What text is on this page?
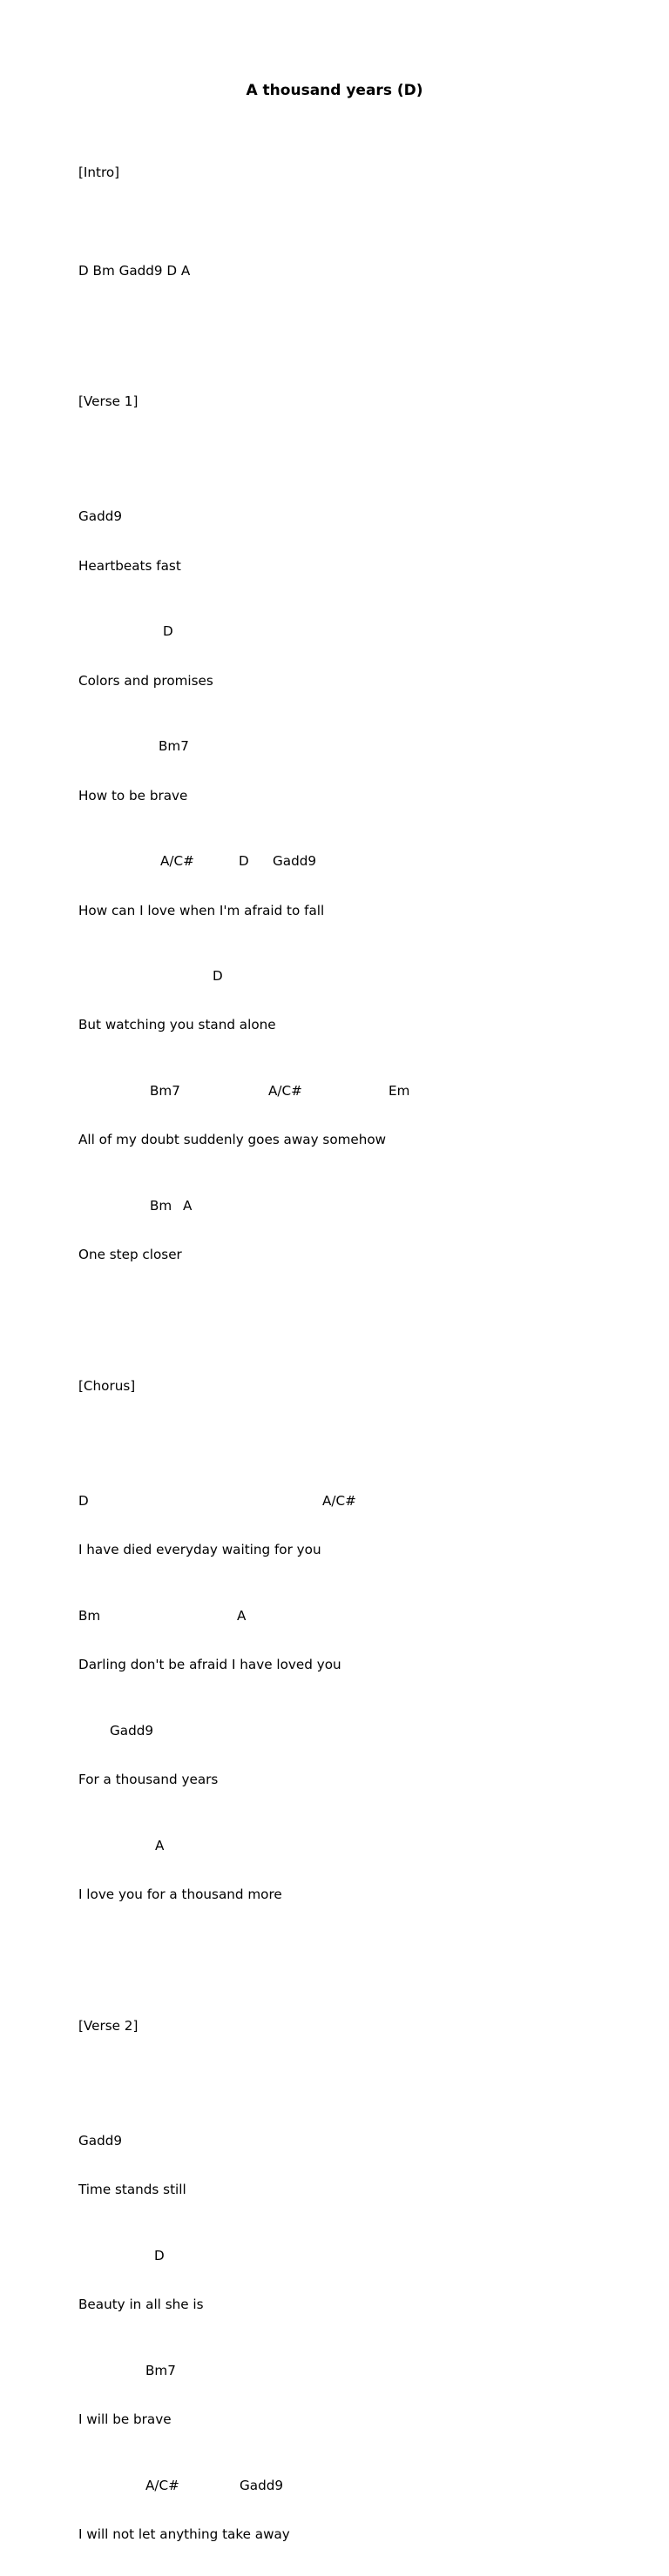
A thousand years (D)

[Intro]

D Bm Gadd9 D A

[Verse 1]

Gadd9

Heartbeats fast

D

Colors and promises

Bm7

How to be brave

A/C#

	D

Gadd9

How can I love when I'm afraid to fall

D

But watching you stand alone

Bm7

	A/C#

	Em

All of my doubt suddenly goes away somehow

Bm

A

One step closer

[Chorus]

D

	A/C#

I have died everyday waiting for you

Bm

	A

Darling don't be afraid I have loved you

Gadd9

For a thousand years

A

I love you for a thousand more

[Verse 2]

Gadd9

Time stands still

D

Beauty in all she is

Bm7

I will be brave

A/C#

	Gadd9

I will not let anything take away
